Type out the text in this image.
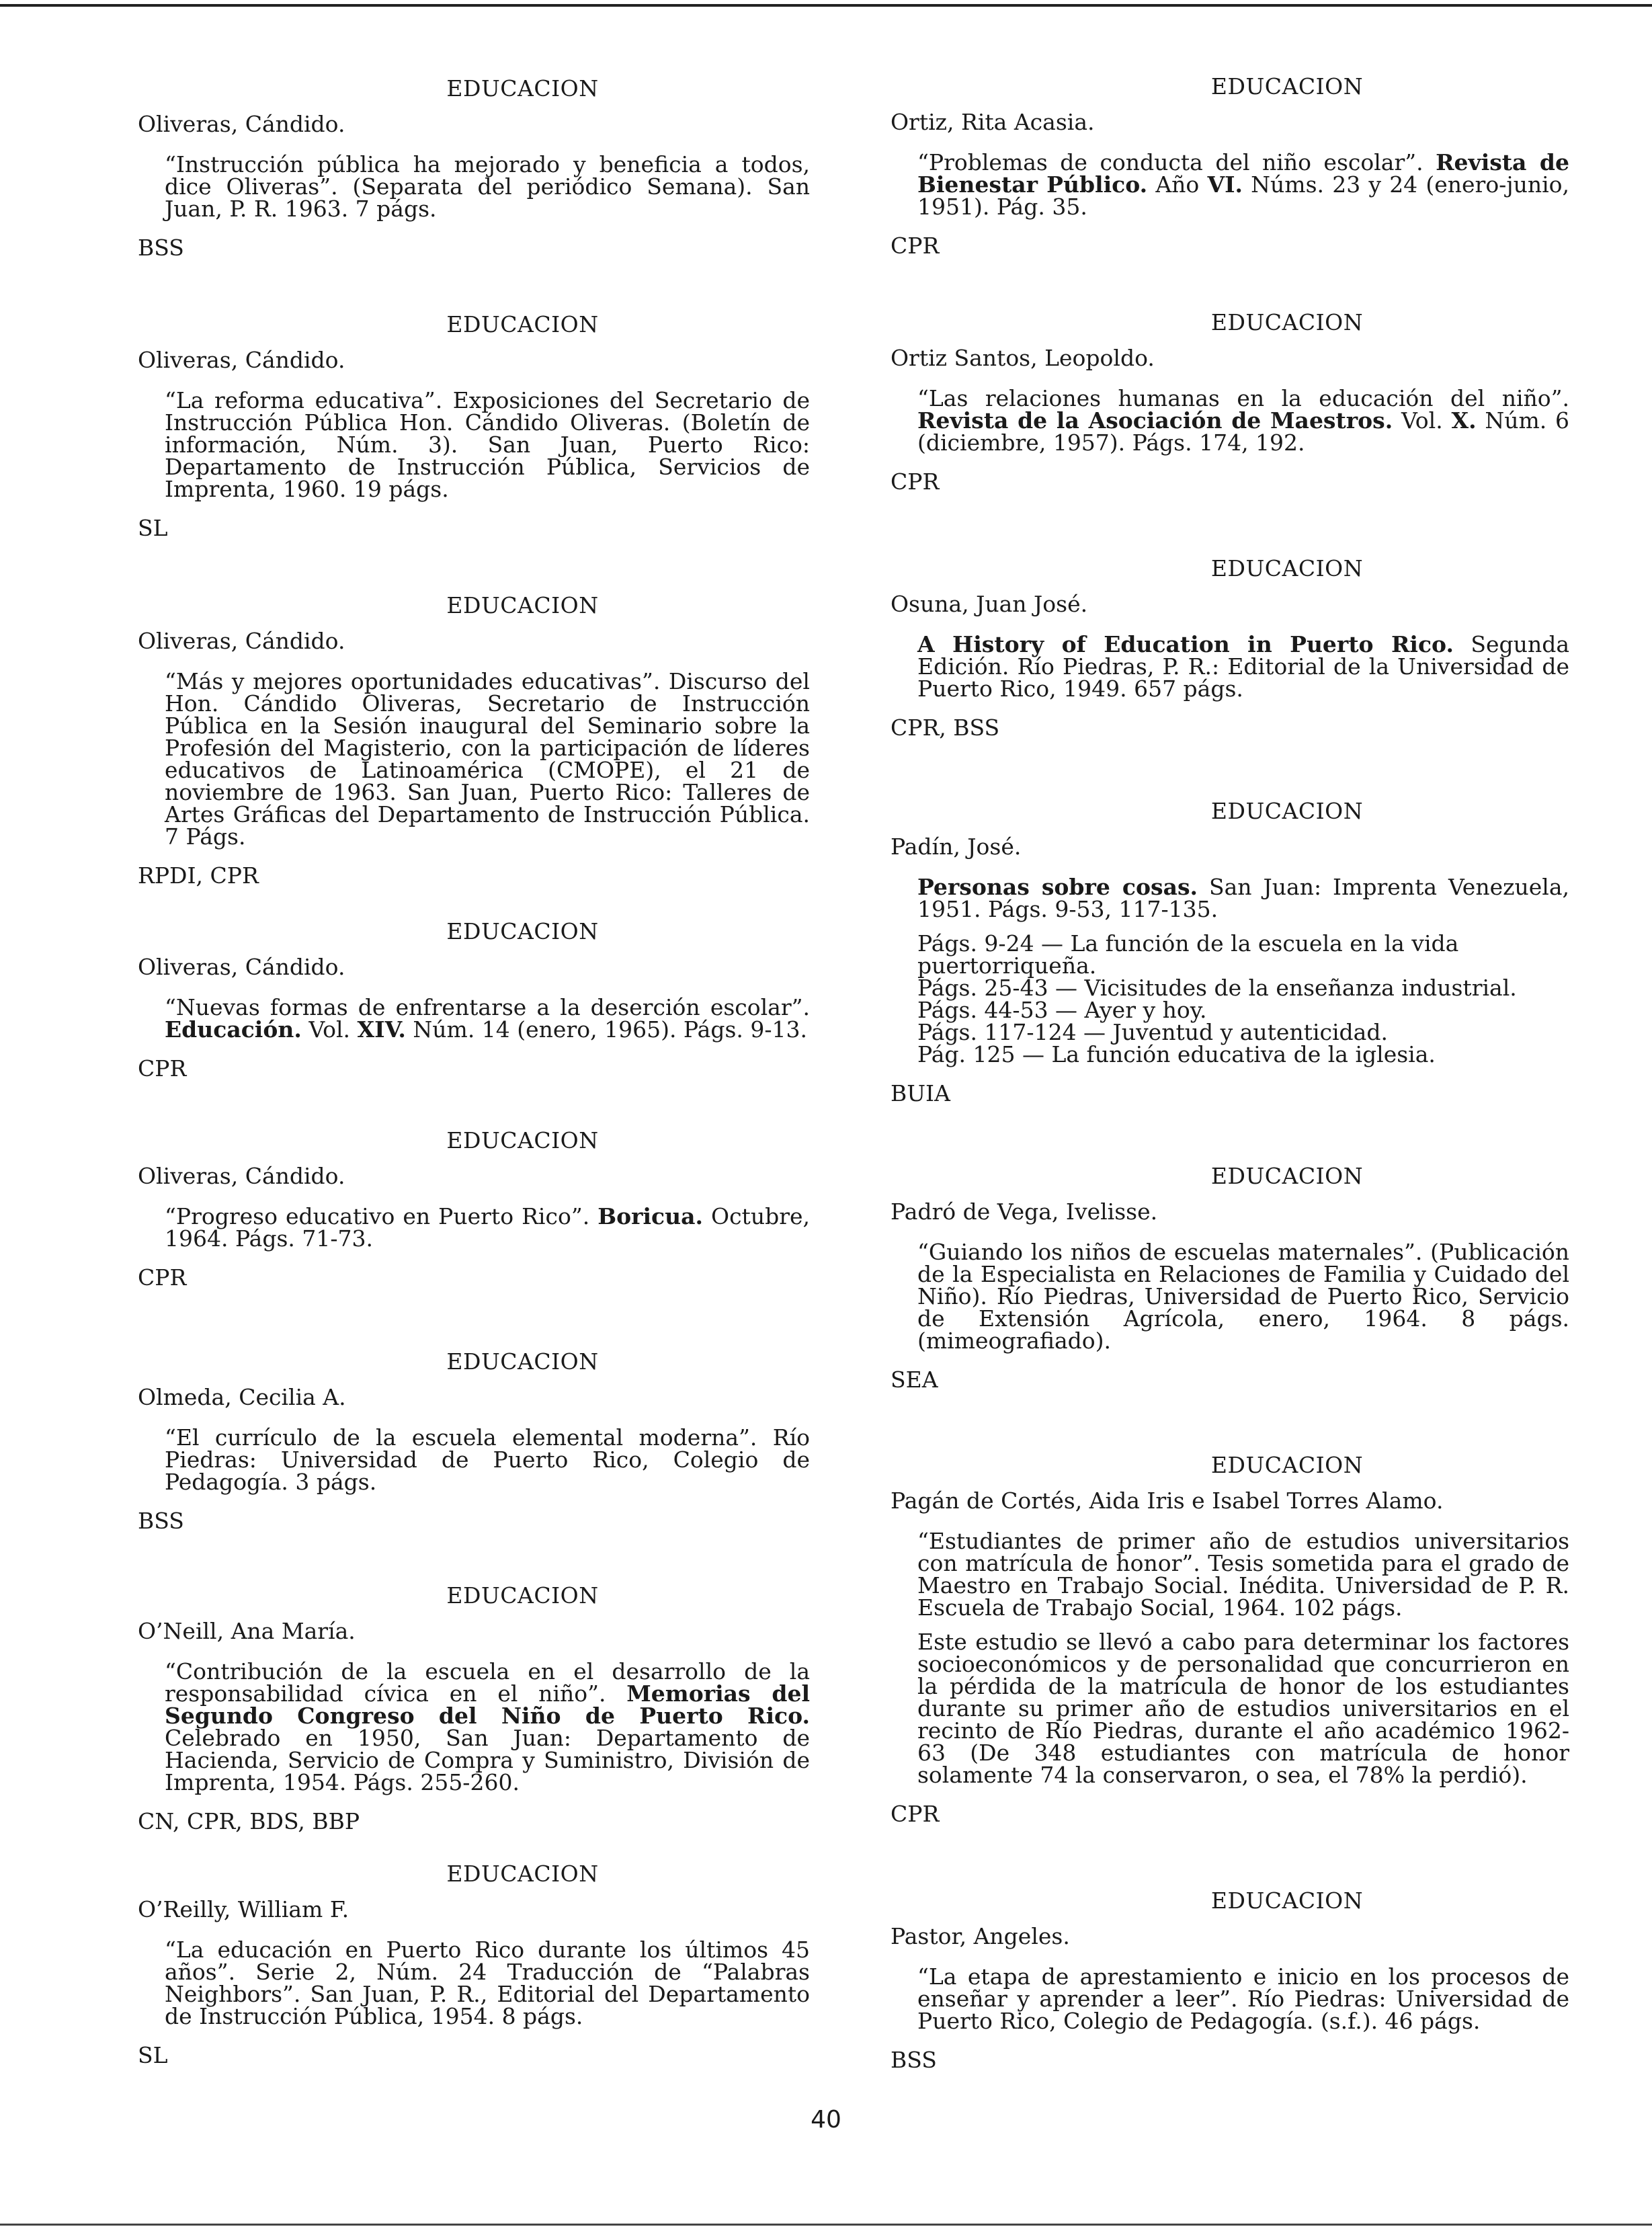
EDUCACION
Oliveras, Cándido.
“Instrucción pública ha mejorado y beneficia a todos, dice Oliveras”. (Separata del periódico Semana). San Juan, P. R. 1963. 7 págs.
BSS
EDUCACION
Oliveras, Cándido.
“La reforma educativa”. Exposiciones del Secretario de Instrucción Pública Hon. Cándido Oliveras. (Boletín de información, Núm. 3). San Juan, Puerto Rico: Departamento de Instrucción Pública, Servicios de Imprenta, 1960. 19 págs.
SL
EDUCACION
Oliveras, Cándido.
“Más y mejores oportunidades educativas”. Discurso del Hon. Cándido Oliveras, Secretario de Instrucción Pública en la Sesión inaugural del Seminario sobre la Profesión del Magisterio, con la participación de líderes educativos de Latinoamérica (CMOPE), el 21 de noviembre de 1963. San Juan, Puerto Rico: Talleres de Artes Gráficas del Departamento de Instrucción Pública. 7 Págs.
RPDI, CPR
EDUCACION
Oliveras, Cándido.
“Nuevas formas de enfrentarse a la deserción escolar”. Educación. Vol. XIV. Núm. 14 (enero, 1965). Págs. 9-13.
CPR
EDUCACION
Oliveras, Cándido.
“Progreso educativo en Puerto Rico”. Boricua. Octubre, 1964. Págs. 71-73.
CPR
EDUCACION
Olmeda, Cecilia A.
“El currículo de la escuela elemental moderna”. Río Piedras: Universidad de Puerto Rico, Colegio de Pedagogía. 3 págs.
BSS
EDUCACION
O’Neill, Ana María.
“Contribución de la escuela en el desarrollo de la responsabilidad cívica en el niño”. Memorias del Segundo Congreso del Niño de Puerto Rico. Celebrado en 1950, San Juan: Departamento de Hacienda, Servicio de Compra y Suministro, División de Imprenta, 1954. Págs. 255-260.
CN, CPR, BDS, BBP
EDUCACION
O’Reilly, William F.
“La educación en Puerto Rico durante los últimos 45 años”. Serie 2, Núm. 24 Traducción de “Palabras Neighbors”. San Juan, P. R., Editorial del Departamento de Instrucción Pública, 1954. 8 págs.
SL
EDUCACION
Ortiz, Rita Acasia.
“Problemas de conducta del niño escolar”. Revista de Bienestar Público. Año VI. Núms. 23 y 24 (enero-junio, 1951). Pág. 35.
CPR
EDUCACION
Ortiz Santos, Leopoldo.
“Las relaciones humanas en la educación del niño”. Revista de la Asociación de Maestros. Vol. X. Núm. 6 (diciembre, 1957). Págs. 174, 192.
CPR
EDUCACION
Osuna, Juan José.
A History of Education in Puerto Rico. Segunda Edición. Río Piedras, P. R.: Editorial de la Universidad de Puerto Rico, 1949. 657 págs.
CPR, BSS
EDUCACION
Padín, José.
Personas sobre cosas. San Juan: Imprenta Venezuela, 1951. Págs. 9-53, 117-135.
Págs. 9-24 — La función de la escuela en la vida puertorriqueña.
Págs. 25-43 — Vicisitudes de la enseñanza industrial.
Págs. 44-53 — Ayer y hoy.
Págs. 117-124 — Juventud y autenticidad.
Pág. 125 — La función educativa de la iglesia.
BUIA
EDUCACION
Padró de Vega, Ivelisse.
“Guiando los niños de escuelas maternales”. (Publicación de la Especialista en Relaciones de Familia y Cuidado del Niño). Río Piedras, Universidad de Puerto Rico, Servicio de Extensión Agrícola, enero, 1964. 8 págs. (mimeografiado).
SEA
EDUCACION
Pagán de Cortés, Aida Iris e Isabel Torres Alamo.
“Estudiantes de primer año de estudios universitarios con matrícula de honor”. Tesis sometida para el grado de Maestro en Trabajo Social. Inédita. Universidad de P. R. Escuela de Trabajo Social, 1964. 102 págs.
Este estudio se llevó a cabo para determinar los factores socioeconómicos y de personalidad que concurrieron en la pérdida de la matrícula de honor de los estudiantes durante su primer año de estudios universitarios en el recinto de Río Piedras, durante el año académico 1962-63 (De 348 estudiantes con matrícula de honor solamente 74 la conservaron, o sea, el 78% la perdió).
CPR
EDUCACION
Pastor, Angeles.
“La etapa de aprestamiento e inicio en los procesos de enseñar y aprender a leer”. Río Piedras: Universidad de Puerto Rico, Colegio de Pedagogía. (s.f.). 46 págs.
BSS
40
